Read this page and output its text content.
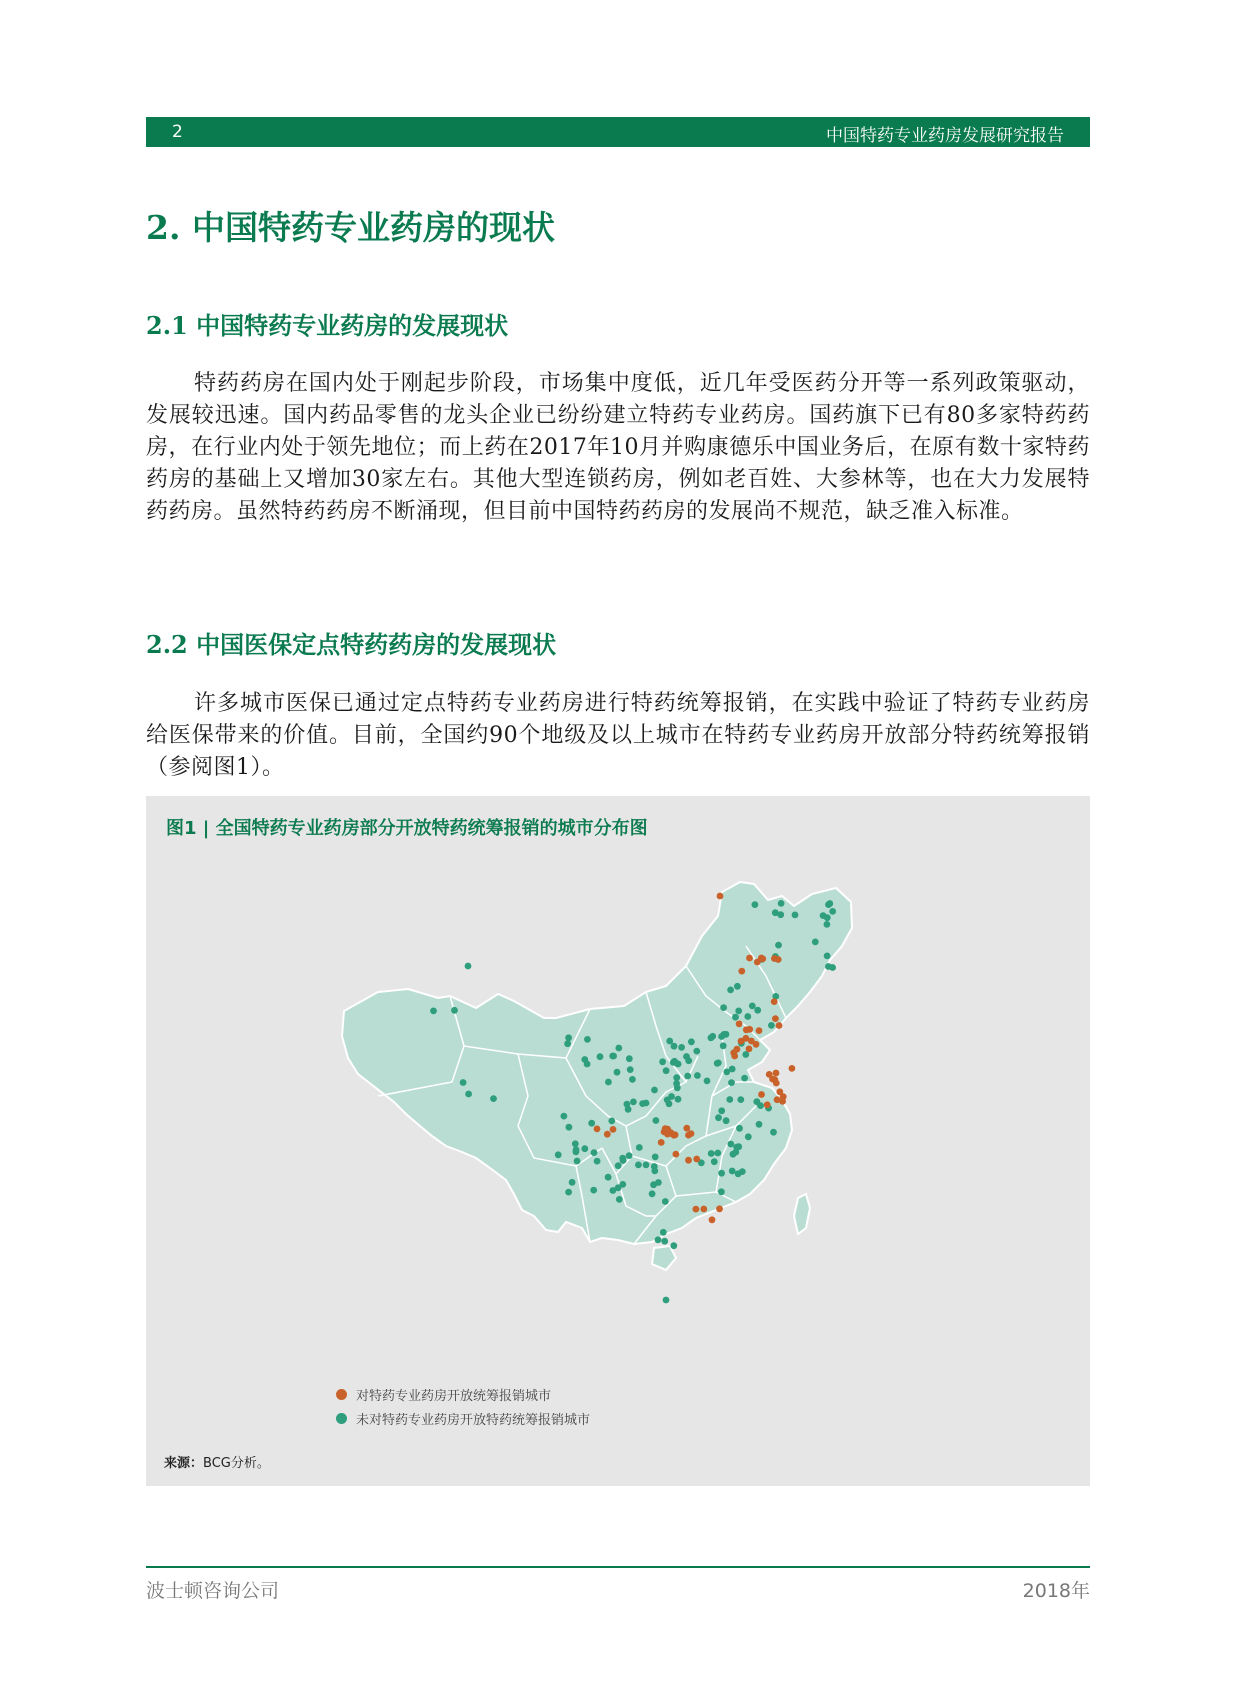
2	中国特药专业药房发展研究报告
2. 中国特药专业药房的现状
2.1 中国特药专业药房的发展现状

特药药房在国内处于刚起步阶段，市场集中度低，近几年受医药分开等一系列政策驱动，发展较迅速。国内药品零售的龙头企业已纷纷建立特药专业药房。国药旗下已有80多家特药药房，在行业内处于领先地位；而上药在2017年10月并购康德乐中国业务后，在原有数十家特药药房的基础上又增加30家左右。其他大型连锁药房，例如老百姓、大参林等，也在大力发展特药药房。虽然特药药房不断涌现，但目前中国特药药房的发展尚不规范，缺乏准入标准。

2.2 中国医保定点特药药房的发展现状

许多城市医保已通过定点特药专业药房进行特药统筹报销，在实践中验证了特药专业药房给医保带来的价值。目前，全国约90个地级及以上城市在特药专业药房开放部分特药统筹报销（参阅图1）。

图1 | 全国特药专业药房部分开放特药统筹报销的城市分布图
对特药专业药房开放统筹报销城市
未对特药专业药房开放特药统筹报销城市
来源：BCG分析。
波士顿咨询公司	2018年
